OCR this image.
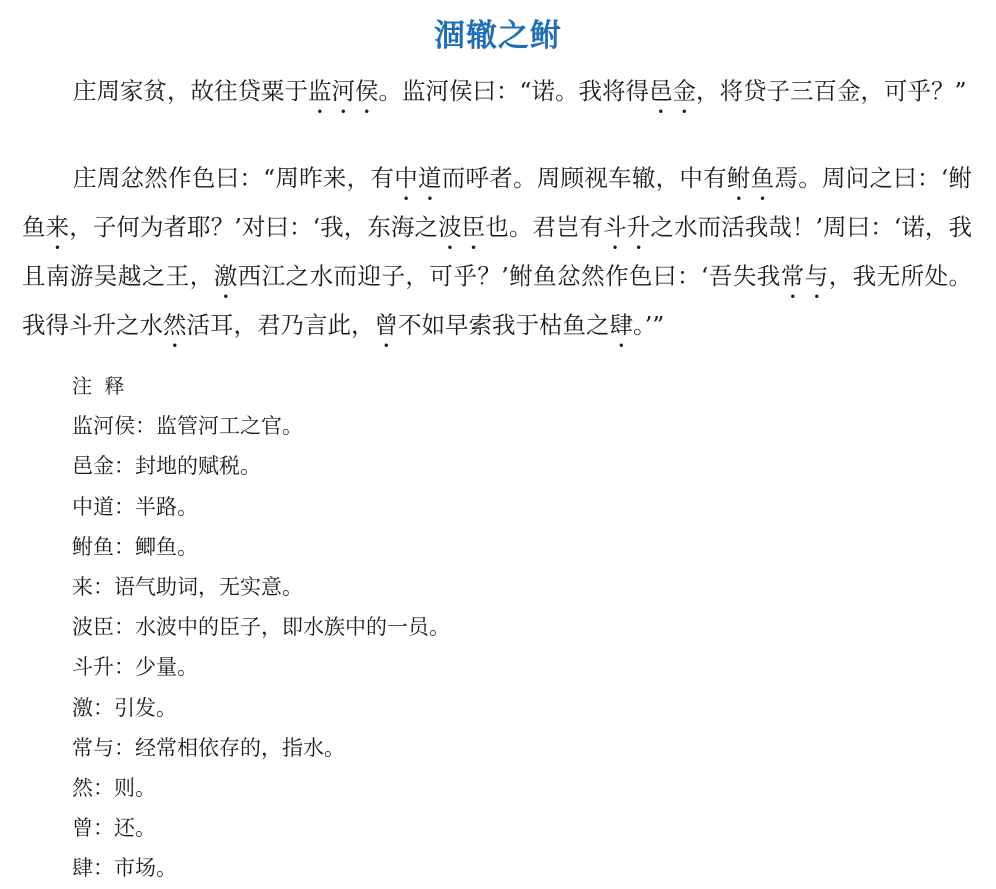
涸辙之鲋

庄周家贫，故往贷粟于监河侯。监河侯曰：“诺。我将得邑金，将贷子三百金，可乎？”

庄周忿然作色曰：“周昨来，有中道而呼者。周顾视车辙，中有鲋鱼焉。周问之曰：‘鲋鱼来，子何为者耶？’对曰：‘我，东海之波臣也。君岂有斗升之水而活我哉！’周曰：‘诺，我且南游吴越之王，激西江之水而迎子，可乎？’鲋鱼忿然作色曰：‘吾失我常与，我无所处。我得斗升之水然活耳，君乃言此，曾不如早索我于枯鱼之肆。’”

注 释
监河侯：监管河工之官。
邑金：封地的赋税。
中道：半路。
鲋鱼：鲫鱼。
来：语气助词，无实意。
波臣：水波中的臣子，即水族中的一员。
斗升：少量。
激：引发。
常与：经常相依存的，指水。
然：则。
曾：还。
肆：市场。
